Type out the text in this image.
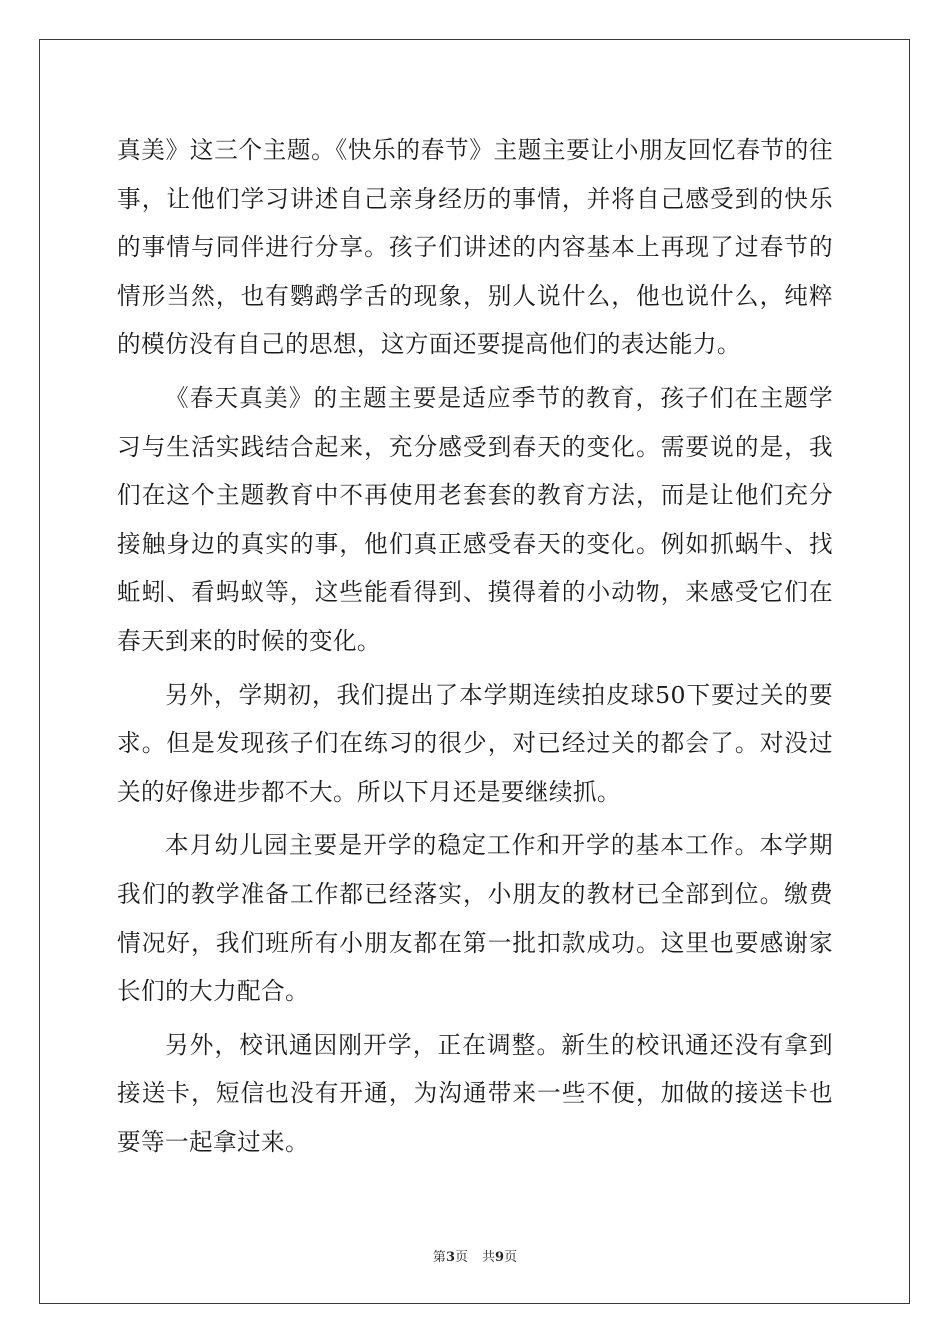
真美》这三个主题。《快乐的春节》主题主要让小朋友回忆春节的往事，让他们学习讲述自己亲身经历的事情，并将自己感受到的快乐的事情与同伴进行分享。孩子们讲述的内容基本上再现了过春节的情形当然，也有鹦鹉学舌的现象，别人说什么，他也说什么，纯粹的模仿没有自己的思想，这方面还要提高他们的表达能力。

《春天真美》的主题主要是适应季节的教育，孩子们在主题学习与生活实践结合起来，充分感受到春天的变化。需要说的是，我们在这个主题教育中不再使用老套套的教育方法，而是让他们充分接触身边的真实的事，他们真正感受春天的变化。例如抓蜗牛、找蚯蚓、看蚂蚁等，这些能看得到、摸得着的小动物，来感受它们在春天到来的时候的变化。

另外，学期初，我们提出了本学期连续拍皮球50下要过关的要求。但是发现孩子们在练习的很少，对已经过关的都会了。对没过关的好像进步都不大。所以下月还是要继续抓。

本月幼儿园主要是开学的稳定工作和开学的基本工作。本学期我们的教学准备工作都已经落实，小朋友的教材已全部到位。缴费情况好，我们班所有小朋友都在第一批扣款成功。这里也要感谢家长们的大力配合。

另外，校讯通因刚开学，正在调整。新生的校讯通还没有拿到接送卡，短信也没有开通，为沟通带来一些不便，加做的接送卡也要等一起拿过来。

第3页 共9页
